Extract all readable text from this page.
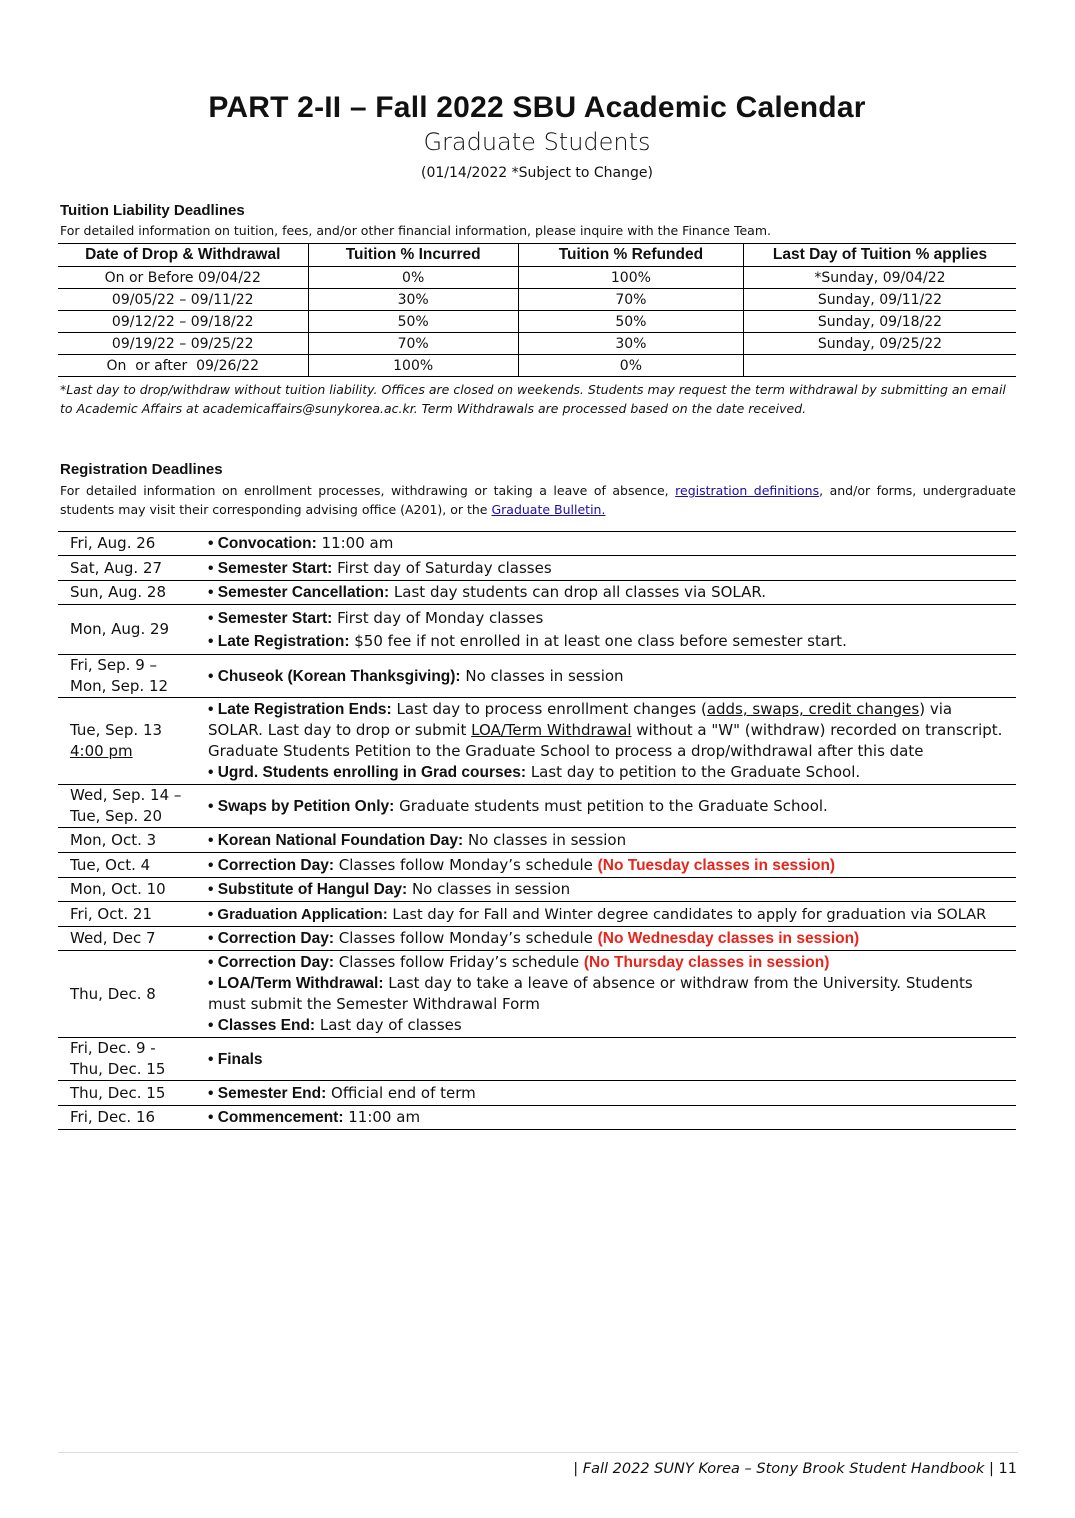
PART 2-II – Fall 2022 SBU Academic Calendar
Graduate Students
(01/14/2022 *Subject to Change)
Tuition Liability Deadlines
For detailed information on tuition, fees, and/or other financial information, please inquire with the Finance Team.
Date of Drop & Withdrawal	Tuition % Incurred	Tuition % Refunded	Last Day of Tuition % applies
On or Before 09/04/22	0%	100%	*Sunday, 09/04/22
09/05/22 – 09/11/22	30%	70%	Sunday, 09/11/22
09/12/22 – 09/18/22	50%	50%	Sunday, 09/18/22
09/19/22 – 09/25/22	70%	30%	Sunday, 09/25/22
On  or after  09/26/22	100%	0%	
*Last day to drop/withdraw without tuition liability. Offices are closed on weekends. Students may request the term withdrawal by submitting an email
to Academic Affairs at academicaffairs@sunykorea.ac.kr. Term Withdrawals are processed based on the date received.
Registration Deadlines
For detailed information on enrollment processes, withdrawing or taking a leave of absence, registration definitions, and/or forms, undergraduate students may visit their corresponding advising office (A201), or the Graduate Bulletin.
Fri, Aug. 26	• Convocation: 11:00 am
Sat, Aug. 27	• Semester Start: First day of Saturday classes
Sun, Aug. 28	• Semester Cancellation: Last day students can drop all classes via SOLAR.
Mon, Aug. 29	• Semester Start: First day of Monday classes
• Late Registration: $50 fee if not enrolled in at least one class before semester start.

Fri, Sep. 9 –
Mon, Sep. 12	• Chuseok (Korean Thanksgiving): No classes in session

Tue, Sep. 13
4:00 pm	• Late Registration Ends: Last day to process enrollment changes (adds, swaps, credit changes) via
SOLAR. Last day to drop or submit LOA/Term Withdrawal without a "W" (withdraw) recorded on transcript.
Graduate Students Petition to the Graduate School to process a drop/withdrawal after this date
• Ugrd. Students enrolling in Grad courses: Last day to petition to the Graduate School.

Wed, Sep. 14 –
Tue, Sep. 20	• Swaps by Petition Only: Graduate students must petition to the Graduate School.
Mon, Oct. 3	• Korean National Foundation Day: No classes in session
Tue, Oct. 4	• Correction Day: Classes follow Monday’s schedule (No Tuesday classes in session)
Mon, Oct. 10	• Substitute of Hangul Day: No classes in session
Fri, Oct. 21	• Graduation Application: Last day for Fall and Winter degree candidates to apply for graduation via SOLAR
Wed, Dec 7	• Correction Day: Classes follow Monday’s schedule (No Wednesday classes in session)
Thu, Dec. 8	• Correction Day: Classes follow Friday’s schedule (No Thursday classes in session)
• LOA/Term Withdrawal: Last day to take a leave of absence or withdraw from the University. Students
must submit the Semester Withdrawal Form
• Classes End: Last day of classes

Fri, Dec. 9 -
Thu, Dec. 15	• Finals
Thu, Dec. 15	• Semester End: Official end of term
Fri, Dec. 16	• Commencement: 11:00 am
| Fall 2022 SUNY Korea – Stony Brook Student Handbook | 11
